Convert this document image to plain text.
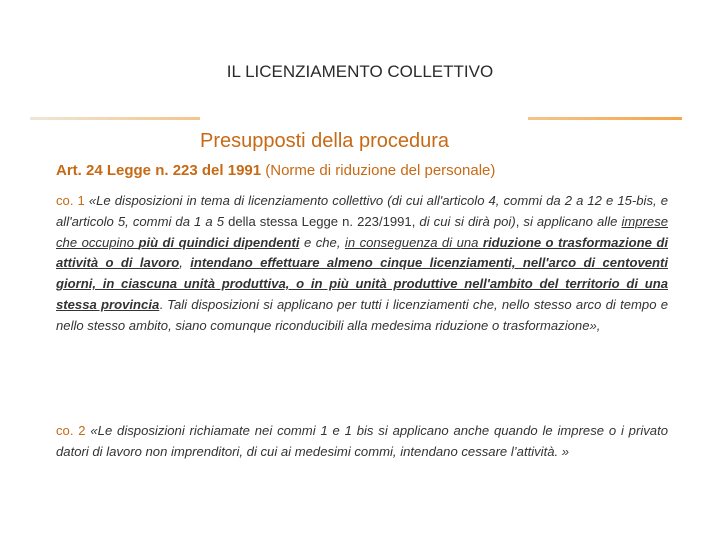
IL LICENZIAMENTO COLLETTIVO
Presupposti della procedura
Art. 24 Legge n. 223 del 1991 (Norme di riduzione del personale)
co. 1 «Le disposizioni in tema di licenziamento collettivo (di cui all'articolo 4, commi da 2 a 12 e 15-bis, e all'articolo 5, commi da 1 a 5 della stessa Legge n. 223/1991, di cui si dirà poi), si applicano alle imprese che occupino più di quindici dipendenti e che, in conseguenza di una riduzione o trasformazione di attività o di lavoro, intendano effettuare almeno cinque licenziamenti, nell'arco di centoventi giorni, in ciascuna unità produttiva, o in più unità produttive nell'ambito del territorio di una stessa provincia. Tali disposizioni si applicano per tutti i licenziamenti che, nello stesso arco di tempo e nello stesso ambito, siano comunque riconducibili alla medesima riduzione o trasformazione»,
co. 2 «Le disposizioni richiamate nei commi 1 e 1 bis si applicano anche quando le imprese o i privato datori di lavoro non imprenditori, di cui ai medesimi commi, intendano cessare l’attività. »
